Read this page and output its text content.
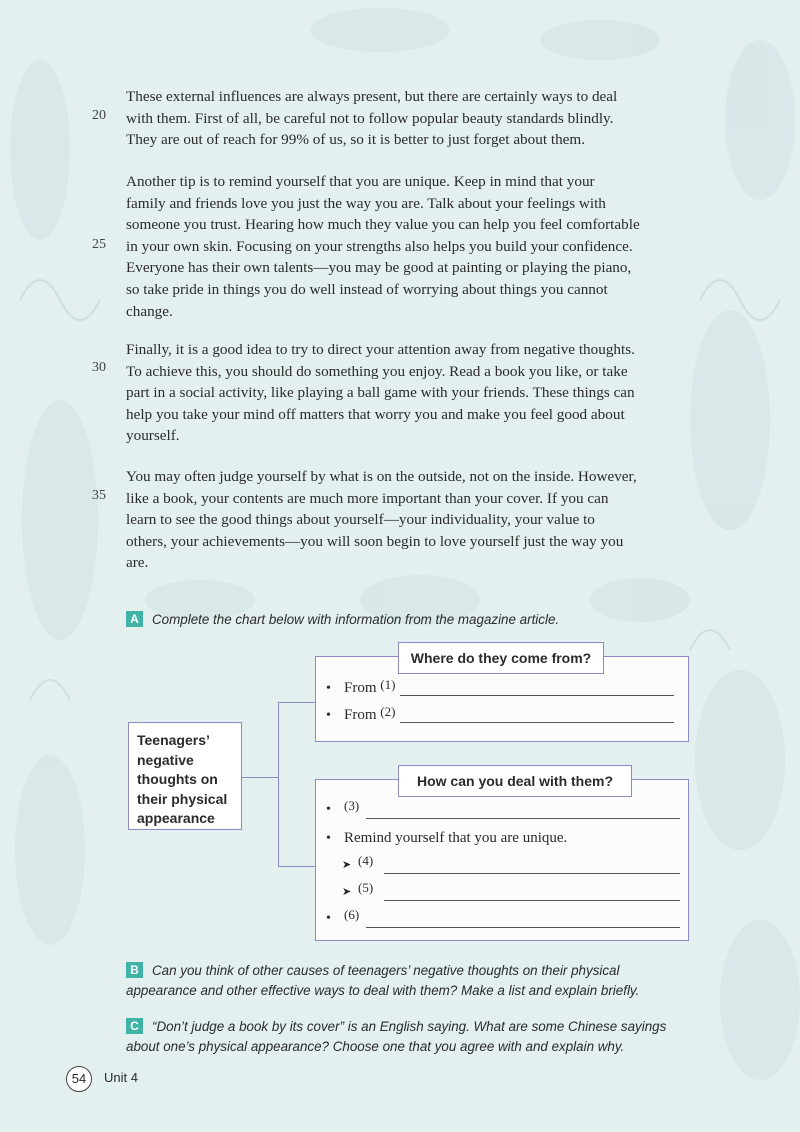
20
25
30
35

These external influences are always present, but there are certainly ways to deal
with them. First of all, be careful not to follow popular beauty standards blindly.
They are out of reach for 99% of us, so it is better to just forget about them.

Another tip is to remind yourself that you are unique. Keep in mind that your
family and friends love you just the way you are. Talk about your feelings with
someone you trust. Hearing how much they value you can help you feel comfortable
in your own skin. Focusing on your strengths also helps you build your confidence.
Everyone has their own talents—you may be good at painting or playing the piano,
so take pride in things you do well instead of worrying about things you cannot
change.

Finally, it is a good idea to try to direct your attention away from negative thoughts.
To achieve this, you should do something you enjoy. Read a book you like, or take
part in a social activity, like playing a ball game with your friends. These things can
help you take your mind off matters that worry you and make you feel good about
yourself.

You may often judge yourself by what is on the outside, not on the inside. However,
like a book, your contents are much more important than your cover. If you can
learn to see the good things about yourself—your individuality, your value to
others, your achievements—you will soon begin to love yourself just the way you
are.

A Complete the chart below with information from the magazine article.
Teenagers’ negative thoughts on their physical appearance
Where do they come from?
• From (1)
• From (2)
How can you deal with them?
• (3)
• Remind yourself that you are unique.
➤ (4)
➤ (5)
• (6)
B Can you think of other causes of teenagers’ negative thoughts on their physical
appearance and other effective ways to deal with them? Make a list and explain briefly.
C “Don’t judge a book by its cover” is an English saying. What are some Chinese sayings
about one’s physical appearance? Choose one that you agree with and explain why.
54	Unit 4
